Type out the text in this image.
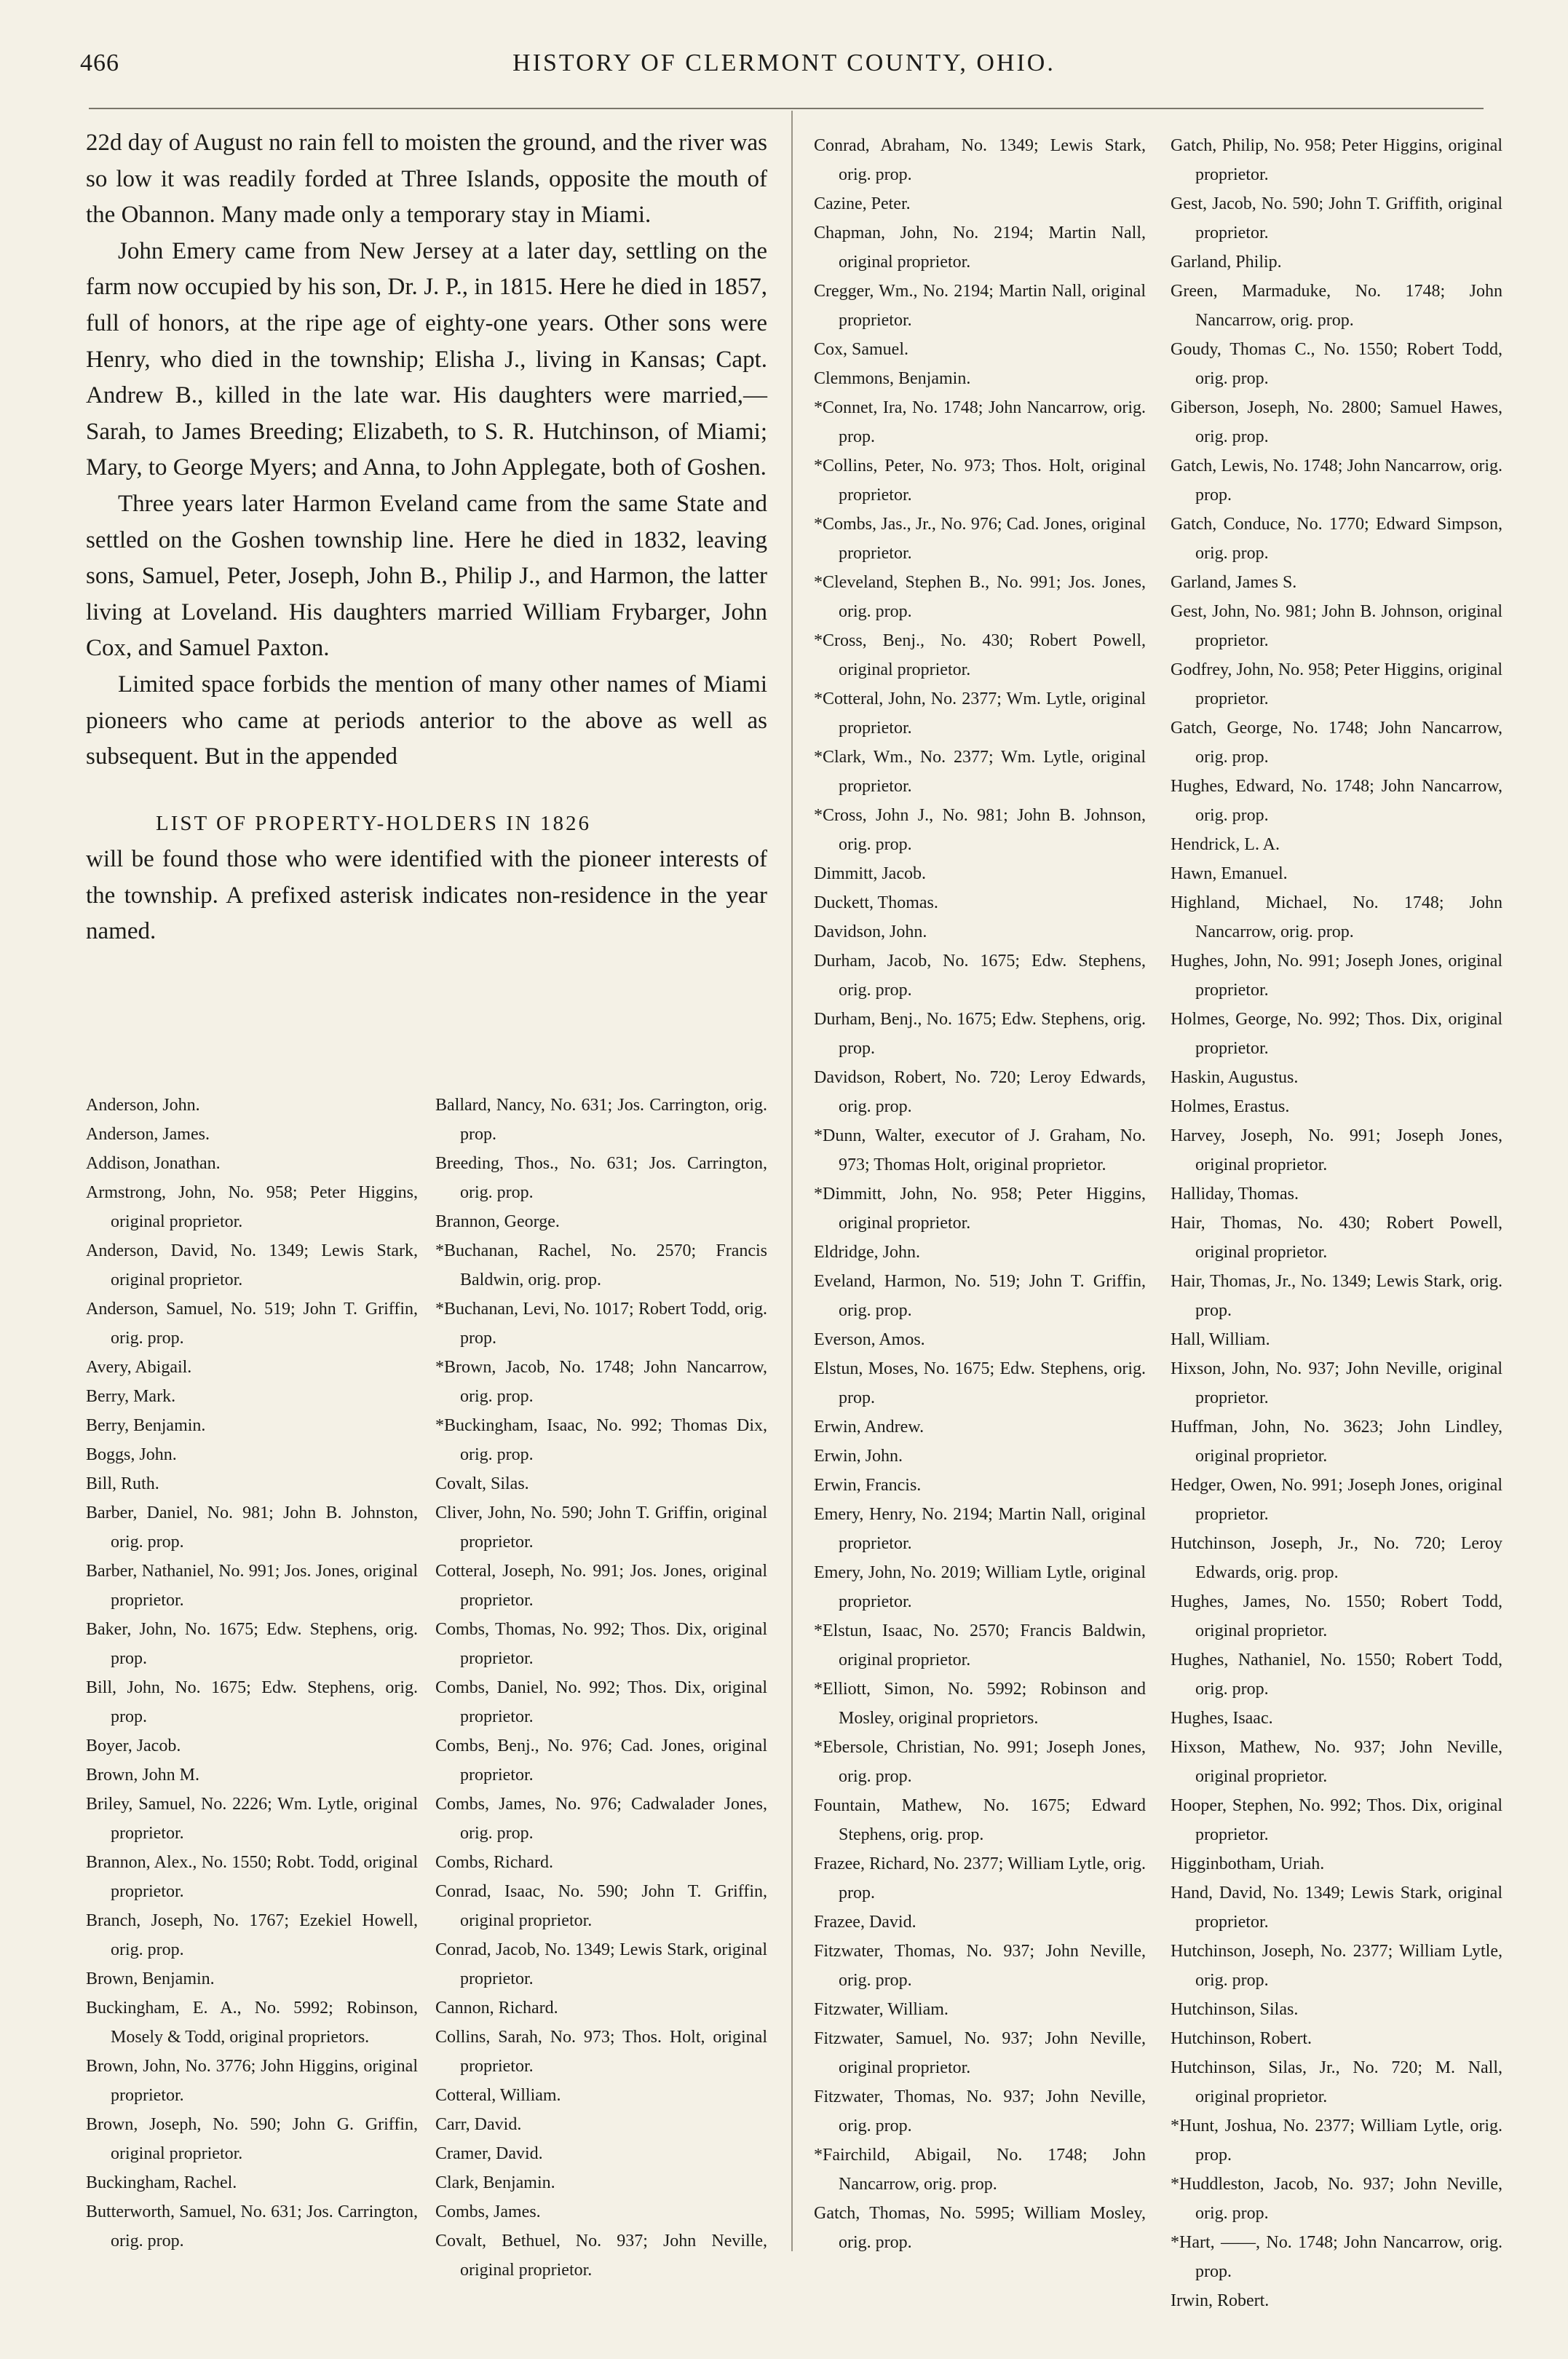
466	HISTORY OF CLERMONT COUNTY, OHIO.

22d day of August no rain fell to moisten the ground, and the river was so low it was readily forded at Three Islands, opposite the mouth of the Obannon. Many made only a temporary stay in Miami.

John Emery came from New Jersey at a later day, settling on the farm now occupied by his son, Dr. J. P., in 1815. Here he died in 1857, full of honors, at the ripe age of eighty-one years. Other sons were Henry, who died in the township; Elisha J., living in Kansas; Capt. Andrew B., killed in the late war. His daughters were married,—Sarah, to James Breeding; Elizabeth, to S. R. Hutchinson, of Miami; Mary, to George Myers; and Anna, to John Applegate, both of Goshen.

Three years later Harmon Eveland came from the same State and settled on the Goshen township line. Here he died in 1832, leaving sons, Samuel, Peter, Joseph, John B., Philip J., and Harmon, the latter living at Loveland. His daughters married William Frybarger, John Cox, and Samuel Paxton.

Limited space forbids the mention of many other names of Miami pioneers who came at periods anterior to the above as well as subsequent. But in the appended

LIST OF PROPERTY-HOLDERS IN 1826

will be found those who were identified with the pioneer interests of the township. A prefixed asterisk indicates non-residence in the year named.

Anderson, John.
Anderson, James.
Addison, Jonathan.
Armstrong, John, No. 958; Peter Higgins, original proprietor.
Anderson, David, No. 1349; Lewis Stark, original proprietor.
Anderson, Samuel, No. 519; John T. Griffin, orig. prop.
Avery, Abigail.
Berry, Mark.
Berry, Benjamin.
Boggs, John.
Bill, Ruth.
Barber, Daniel, No. 981; John B. Johnston, orig. prop.
Barber, Nathaniel, No. 991; Jos. Jones, original proprietor.
Baker, John, No. 1675; Edw. Stephens, orig. prop.
Bill, John, No. 1675; Edw. Stephens, orig. prop.
Boyer, Jacob.
Brown, John M.
Briley, Samuel, No. 2226; Wm. Lytle, original proprietor.
Brannon, Alex., No. 1550; Robt. Todd, original proprietor.
Branch, Joseph, No. 1767; Ezekiel Howell, orig. prop.
Brown, Benjamin.
Buckingham, E. A., No. 5992; Robinson, Mosely & Todd, original proprietors.
Brown, John, No. 3776; John Higgins, original proprietor.
Brown, Joseph, No. 590; John G. Griffin, original proprietor.
Buckingham, Rachel.
Butterworth, Samuel, No. 631; Jos. Carrington, orig. prop.
Ballard, Nancy, No. 631; Jos. Carrington, orig. prop.
Breeding, Thos., No. 631; Jos. Carrington, orig. prop.
Brannon, George.
*Buchanan, Rachel, No. 2570; Francis Baldwin, orig. prop.
*Buchanan, Levi, No. 1017; Robert Todd, orig. prop.
*Brown, Jacob, No. 1748; John Nancarrow, orig. prop.
*Buckingham, Isaac, No. 992; Thomas Dix, orig. prop.
Covalt, Silas.
Cliver, John, No. 590; John T. Griffin, original proprietor.
Cotteral, Joseph, No. 991; Jos. Jones, original proprietor.
Combs, Thomas, No. 992; Thos. Dix, original proprietor.
Combs, Daniel, No. 992; Thos. Dix, original proprietor.
Combs, Benj., No. 976; Cad. Jones, original proprietor.
Combs, James, No. 976; Cadwalader Jones, orig. prop.
Combs, Richard.
Conrad, Isaac, No. 590; John T. Griffin, original proprietor.
Conrad, Jacob, No. 1349; Lewis Stark, original proprietor.
Cannon, Richard.
Collins, Sarah, No. 973; Thos. Holt, original proprietor.
Cotteral, William.
Carr, David.
Cramer, David.
Clark, Benjamin.
Combs, James.
Covalt, Bethuel, No. 937; John Neville, original proprietor.
Conrad, Abraham, No. 1349; Lewis Stark, orig. prop.
Cazine, Peter.
Chapman, John, No. 2194; Martin Nall, original proprietor.
Cregger, Wm., No. 2194; Martin Nall, original proprietor.
Cox, Samuel.
Clemmons, Benjamin.
*Connet, Ira, No. 1748; John Nancarrow, orig. prop.
*Collins, Peter, No. 973; Thos. Holt, original proprietor.
*Combs, Jas., Jr., No. 976; Cad. Jones, original proprietor.
*Cleveland, Stephen B., No. 991; Jos. Jones, orig. prop.
*Cross, Benj., No. 430; Robert Powell, original proprietor.
*Cotteral, John, No. 2377; Wm. Lytle, original proprietor.
*Clark, Wm., No. 2377; Wm. Lytle, original proprietor.
*Cross, John J., No. 981; John B. Johnson, orig. prop.
Dimmitt, Jacob.
Duckett, Thomas.
Davidson, John.
Durham, Jacob, No. 1675; Edw. Stephens, orig. prop.
Durham, Benj., No. 1675; Edw. Stephens, orig. prop.
Davidson, Robert, No. 720; Leroy Edwards, orig. prop.
*Dunn, Walter, executor of J. Graham, No. 973; Thomas Holt, original proprietor.
*Dimmitt, John, No. 958; Peter Higgins, original proprietor.
Eldridge, John.
Eveland, Harmon, No. 519; John T. Griffin, orig. prop.
Everson, Amos.
Elstun, Moses, No. 1675; Edw. Stephens, orig. prop.
Erwin, Andrew.
Erwin, John.
Erwin, Francis.
Emery, Henry, No. 2194; Martin Nall, original proprietor.
Emery, John, No. 2019; William Lytle, original proprietor.
*Elstun, Isaac, No. 2570; Francis Baldwin, original proprietor.
*Elliott, Simon, No. 5992; Robinson and Mosley, original proprietors.
*Ebersole, Christian, No. 991; Joseph Jones, orig. prop.
Fountain, Mathew, No. 1675; Edward Stephens, orig. prop.
Frazee, Richard, No. 2377; William Lytle, orig. prop.
Frazee, David.
Fitzwater, Thomas, No. 937; John Neville, orig. prop.
Fitzwater, William.
Fitzwater, Samuel, No. 937; John Neville, original proprietor.
Fitzwater, Thomas, No. 937; John Neville, orig. prop.
*Fairchild, Abigail, No. 1748; John Nancarrow, orig. prop.
Gatch, Thomas, No. 5995; William Mosley, orig. prop.
Gatch, Philip, No. 958; Peter Higgins, original proprietor.
Gest, Jacob, No. 590; John T. Griffith, original proprietor.
Garland, Philip.
Green, Marmaduke, No. 1748; John Nancarrow, orig. prop.
Goudy, Thomas C., No. 1550; Robert Todd, orig. prop.
Giberson, Joseph, No. 2800; Samuel Hawes, orig. prop.
Gatch, Lewis, No. 1748; John Nancarrow, orig. prop.
Gatch, Conduce, No. 1770; Edward Simpson, orig. prop.
Garland, James S.
Gest, John, No. 981; John B. Johnson, original proprietor.
Godfrey, John, No. 958; Peter Higgins, original proprietor.
Gatch, George, No. 1748; John Nancarrow, orig. prop.
Hughes, Edward, No. 1748; John Nancarrow, orig. prop.
Hendrick, L. A.
Hawn, Emanuel.
Highland, Michael, No. 1748; John Nancarrow, orig. prop.
Hughes, John, No. 991; Joseph Jones, original proprietor.
Holmes, George, No. 992; Thos. Dix, original proprietor.
Haskin, Augustus.
Holmes, Erastus.
Harvey, Joseph, No. 991; Joseph Jones, original proprietor.
Halliday, Thomas.
Hair, Thomas, No. 430; Robert Powell, original proprietor.
Hair, Thomas, Jr., No. 1349; Lewis Stark, orig. prop.
Hall, William.
Hixson, John, No. 937; John Neville, original proprietor.
Huffman, John, No. 3623; John Lindley, original proprietor.
Hedger, Owen, No. 991; Joseph Jones, original proprietor.
Hutchinson, Joseph, Jr., No. 720; Leroy Edwards, orig. prop.
Hughes, James, No. 1550; Robert Todd, original proprietor.
Hughes, Nathaniel, No. 1550; Robert Todd, orig. prop.
Hughes, Isaac.
Hixson, Mathew, No. 937; John Neville, original proprietor.
Hooper, Stephen, No. 992; Thos. Dix, original proprietor.
Higginbotham, Uriah.
Hand, David, No. 1349; Lewis Stark, original proprietor.
Hutchinson, Joseph, No. 2377; William Lytle, orig. prop.
Hutchinson, Silas.
Hutchinson, Robert.
Hutchinson, Silas, Jr., No. 720; M. Nall, original proprietor.
*Hunt, Joshua, No. 2377; William Lytle, orig. prop.
*Huddleston, Jacob, No. 937; John Neville, orig. prop.
*Hart, ——, No. 1748; John Nancarrow, orig. prop.
Irwin, Robert.
